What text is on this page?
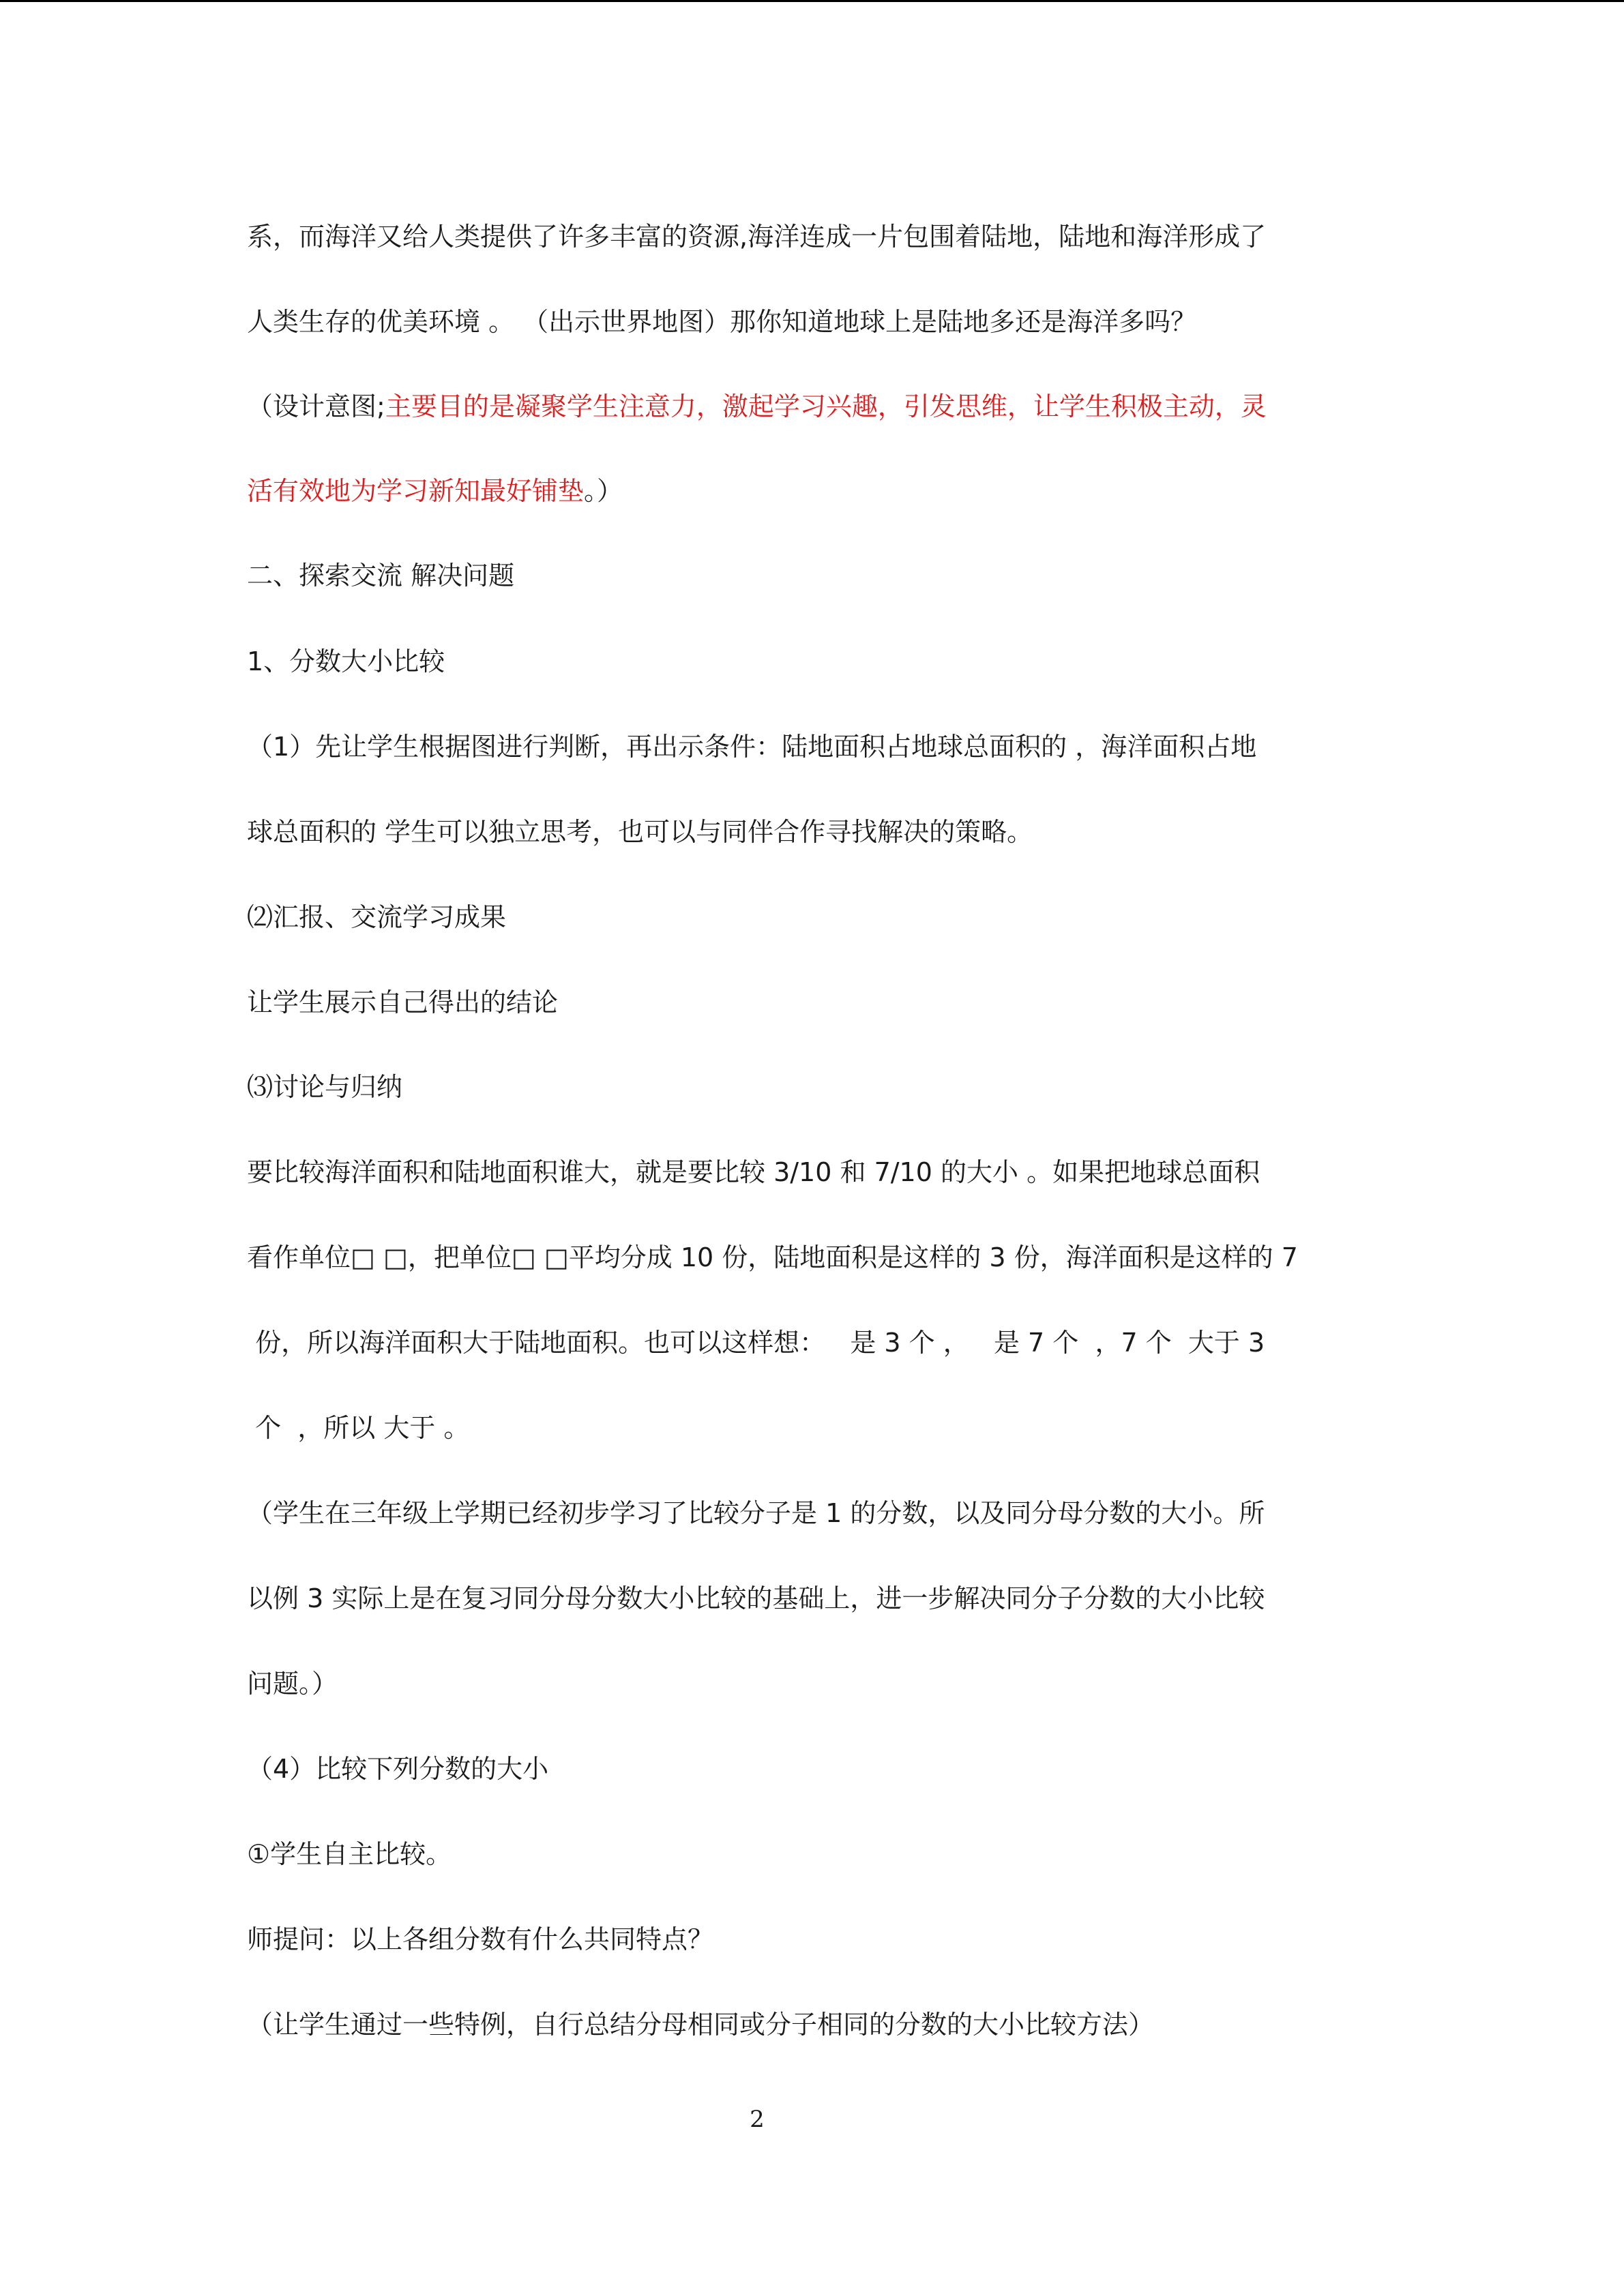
系，而海洋又给人类提供了许多丰富的资源,海洋连成一片包围着陆地，陆地和海洋形成了
人类生存的优美环境 。 （出示世界地图）那你知道地球上是陆地多还是海洋多吗？
（设计意图;主要目的是凝聚学生注意力，激起学习兴趣，引发思维，让学生积极主动，灵
活有效地为学习新知最好铺垫。）
二、探索交流 解决问题
1、分数大小比较
（1）先让学生根据图进行判断，再出示条件：陆地面积占地球总面积的 ，海洋面积占地
球总面积的 学生可以独立思考，也可以与同伴合作寻找解决的策略。
⑵汇报、交流学习成果
让学生展示自己得出的结论
⑶讨论与归纳
要比较海洋面积和陆地面积谁大，就是要比较 3/10 和 7/10 的大小 。如果把地球总面积
看作单位□ □，把单位□ □平均分成 10 份，陆地面积是这样的 3 份，海洋面积是这样的 7
份，所以海洋面积大于陆地面积。也可以这样想：   是 3 个 ，   是 7 个  ，7 个  大于 3
个  ，所以 大于 。
（学生在三年级上学期已经初步学习了比较分子是 1 的分数，以及同分母分数的大小。所
以例 3 实际上是在复习同分母分数大小比较的基础上，进一步解决同分子分数的大小比较
问题。）
（4）比较下列分数的大小
①学生自主比较。
师提问：以上各组分数有什么共同特点？
（让学生通过一些特例，自行总结分母相同或分子相同的分数的大小比较方法）
2
